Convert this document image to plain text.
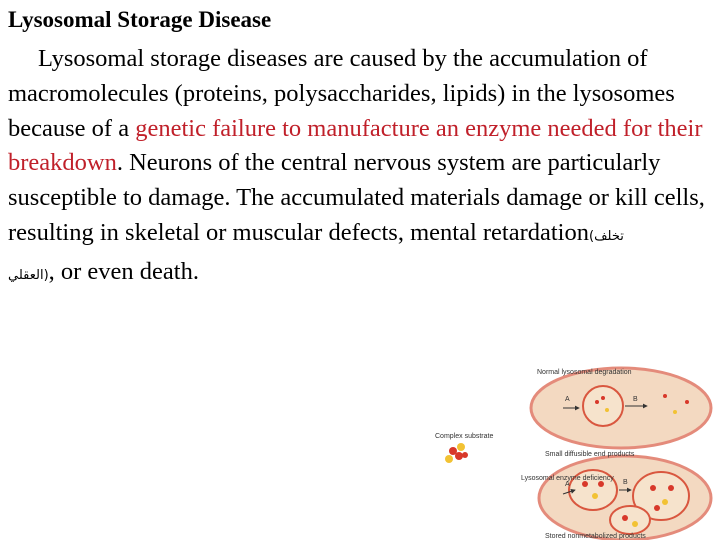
Lysosomal Storage Disease

Lysosomal storage diseases are caused by the accumulation of macromolecules (proteins, polysaccharides, lipids) in the lysosomes because of a genetic failure to manufacture an enzyme needed for their breakdown. Neurons of the central nervous system are particularly susceptible to damage. The accumulated materials damage or kill cells, resulting in skeletal or muscular defects, mental retardation(تخلف
العقلي), or even death.

A	B
A	B
Normal lysosomal degradation
Small diffusible end products
Complex substrate
Lysosomal enzyme deficiency
Stored nonmetabolized products
